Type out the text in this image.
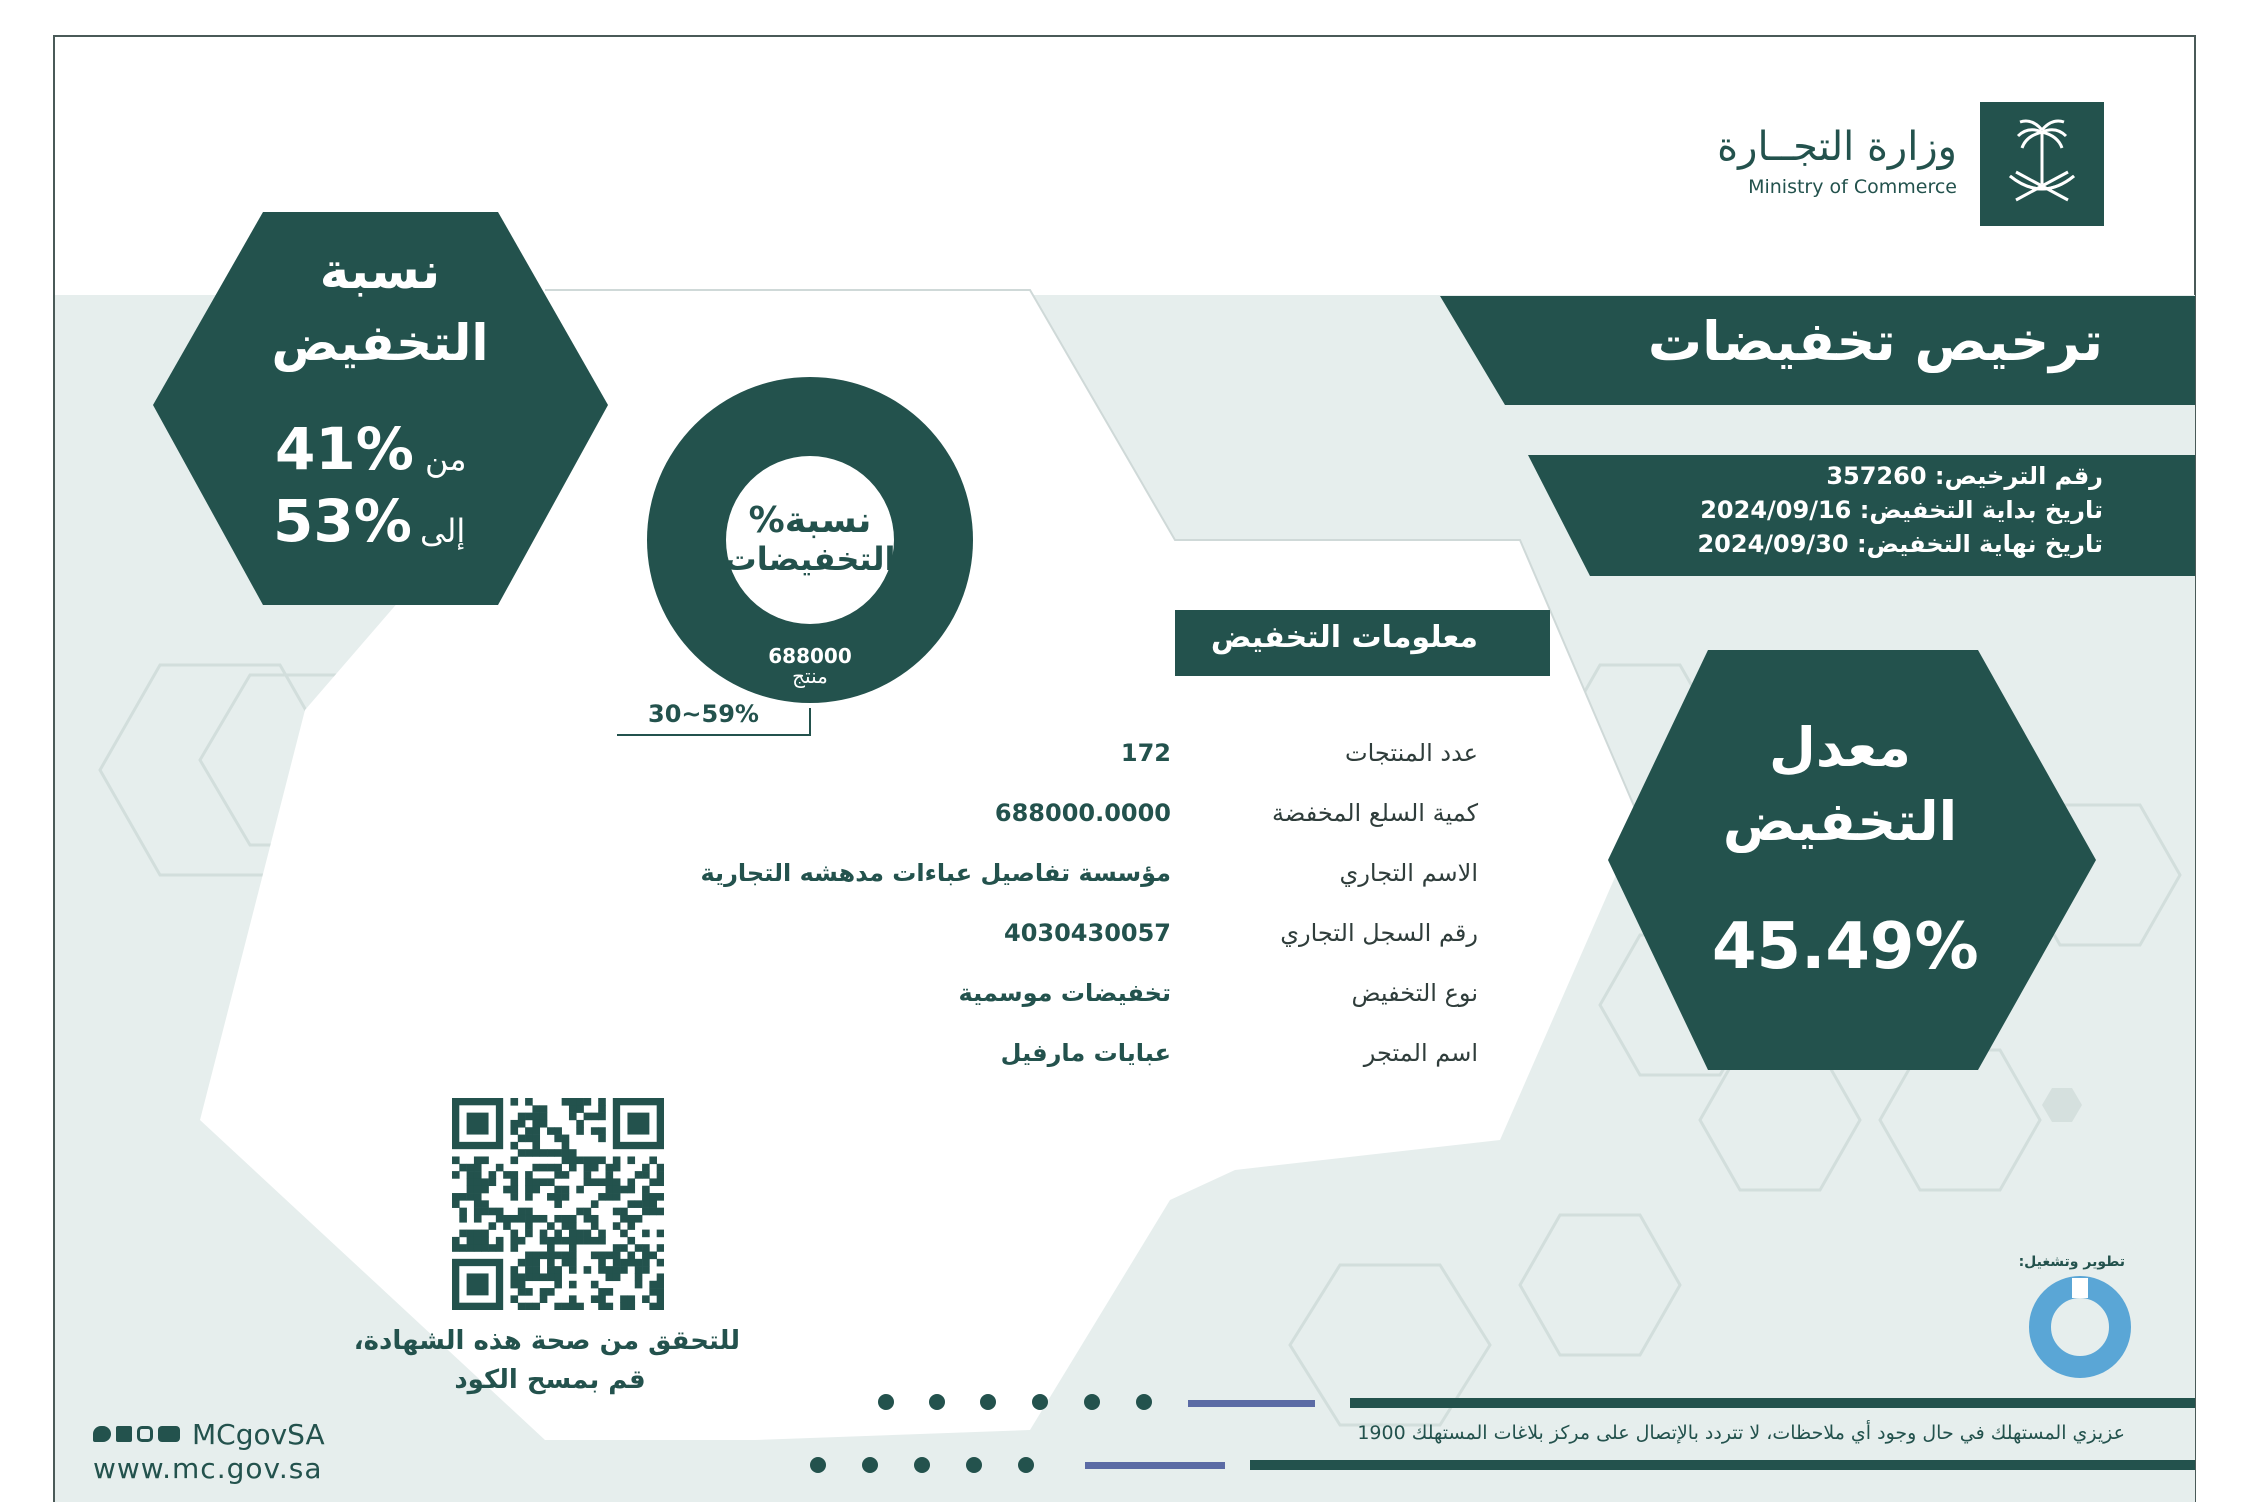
وزارة التجــارة
Ministry of Commerce
ترخيص تخفيضات
رقم الترخيص: 357260
تاريخ بداية التخفيض: 2024/09/16
تاريخ نهاية التخفيض: 2024/09/30
نسبة
التخفيض
من
41%
إلى
53%	نسبة%
التخفيضات
688000
منتج
30~59%
معدل
التخفيض
45.49%
معلومات التخفيض
عدد المنتجات
172
كمية السلع المخفضة
688000.0000
الاسم التجاري
مؤسسة تفاصيل عباءات مدهشه التجارية
رقم السجل التجاري
4030430057
نوع التخفيض
تخفيضات موسمية
اسم المتجر
عبايات مارفيل
للتحقق من صحة هذه الشهادة،
قم بمسح الكود
MCgovSA
www.mc.gov.sa
عزيزي المستهلك في حال وجود أي ملاحظات، لا تتردد بالإتصال على مركز بلاغات المستهلك 1900
تطوير وتشغيل:
